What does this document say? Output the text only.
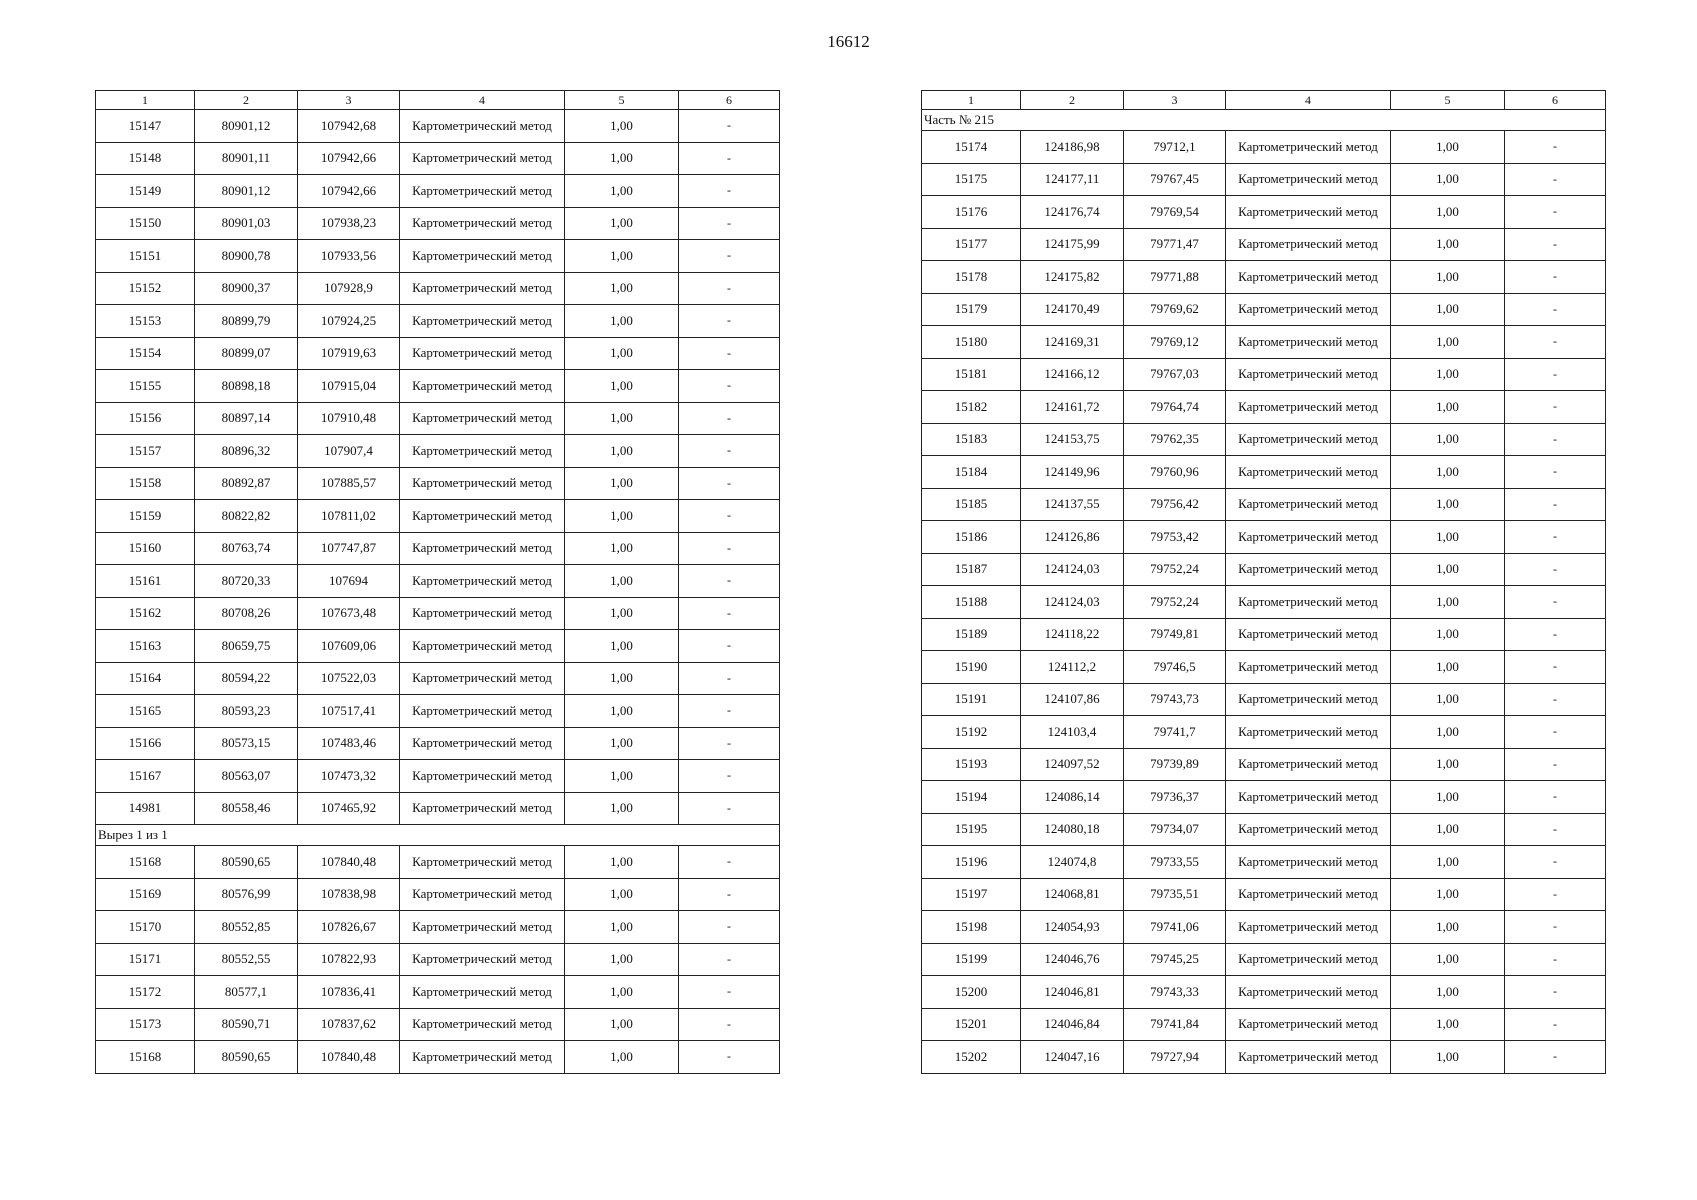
16612
1	2	3	4	5	6
15147	80901,12	107942,68	Картометрический метод	1,00	-
15148	80901,11	107942,66	Картометрический метод	1,00	-
15149	80901,12	107942,66	Картометрический метод	1,00	-
15150	80901,03	107938,23	Картометрический метод	1,00	-
15151	80900,78	107933,56	Картометрический метод	1,00	-
15152	80900,37	107928,9	Картометрический метод	1,00	-
15153	80899,79	107924,25	Картометрический метод	1,00	-
15154	80899,07	107919,63	Картометрический метод	1,00	-
15155	80898,18	107915,04	Картометрический метод	1,00	-
15156	80897,14	107910,48	Картометрический метод	1,00	-
15157	80896,32	107907,4	Картометрический метод	1,00	-
15158	80892,87	107885,57	Картометрический метод	1,00	-
15159	80822,82	107811,02	Картометрический метод	1,00	-
15160	80763,74	107747,87	Картометрический метод	1,00	-
15161	80720,33	107694	Картометрический метод	1,00	-
15162	80708,26	107673,48	Картометрический метод	1,00	-
15163	80659,75	107609,06	Картометрический метод	1,00	-
15164	80594,22	107522,03	Картометрический метод	1,00	-
15165	80593,23	107517,41	Картометрический метод	1,00	-
15166	80573,15	107483,46	Картометрический метод	1,00	-
15167	80563,07	107473,32	Картометрический метод	1,00	-
14981	80558,46	107465,92	Картометрический метод	1,00	-
Вырез 1 из 1					
15168	80590,65	107840,48	Картометрический метод	1,00	-
15169	80576,99	107838,98	Картометрический метод	1,00	-
15170	80552,85	107826,67	Картометрический метод	1,00	-
15171	80552,55	107822,93	Картометрический метод	1,00	-
15172	80577,1	107836,41	Картометрический метод	1,00	-
15173	80590,71	107837,62	Картометрический метод	1,00	-
15168	80590,65	107840,48	Картометрический метод	1,00	-
1	2	3	4	5	6
Часть № 215					
15174	124186,98	79712,1	Картометрический метод	1,00	-
15175	124177,11	79767,45	Картометрический метод	1,00	-
15176	124176,74	79769,54	Картометрический метод	1,00	-
15177	124175,99	79771,47	Картометрический метод	1,00	-
15178	124175,82	79771,88	Картометрический метод	1,00	-
15179	124170,49	79769,62	Картометрический метод	1,00	-
15180	124169,31	79769,12	Картометрический метод	1,00	-
15181	124166,12	79767,03	Картометрический метод	1,00	-
15182	124161,72	79764,74	Картометрический метод	1,00	-
15183	124153,75	79762,35	Картометрический метод	1,00	-
15184	124149,96	79760,96	Картометрический метод	1,00	-
15185	124137,55	79756,42	Картометрический метод	1,00	-
15186	124126,86	79753,42	Картометрический метод	1,00	-
15187	124124,03	79752,24	Картометрический метод	1,00	-
15188	124124,03	79752,24	Картометрический метод	1,00	-
15189	124118,22	79749,81	Картометрический метод	1,00	-
15190	124112,2	79746,5	Картометрический метод	1,00	-
15191	124107,86	79743,73	Картометрический метод	1,00	-
15192	124103,4	79741,7	Картометрический метод	1,00	-
15193	124097,52	79739,89	Картометрический метод	1,00	-
15194	124086,14	79736,37	Картометрический метод	1,00	-
15195	124080,18	79734,07	Картометрический метод	1,00	-
15196	124074,8	79733,55	Картометрический метод	1,00	-
15197	124068,81	79735,51	Картометрический метод	1,00	-
15198	124054,93	79741,06	Картометрический метод	1,00	-
15199	124046,76	79745,25	Картометрический метод	1,00	-
15200	124046,81	79743,33	Картометрический метод	1,00	-
15201	124046,84	79741,84	Картометрический метод	1,00	-
15202	124047,16	79727,94	Картометрический метод	1,00	-
